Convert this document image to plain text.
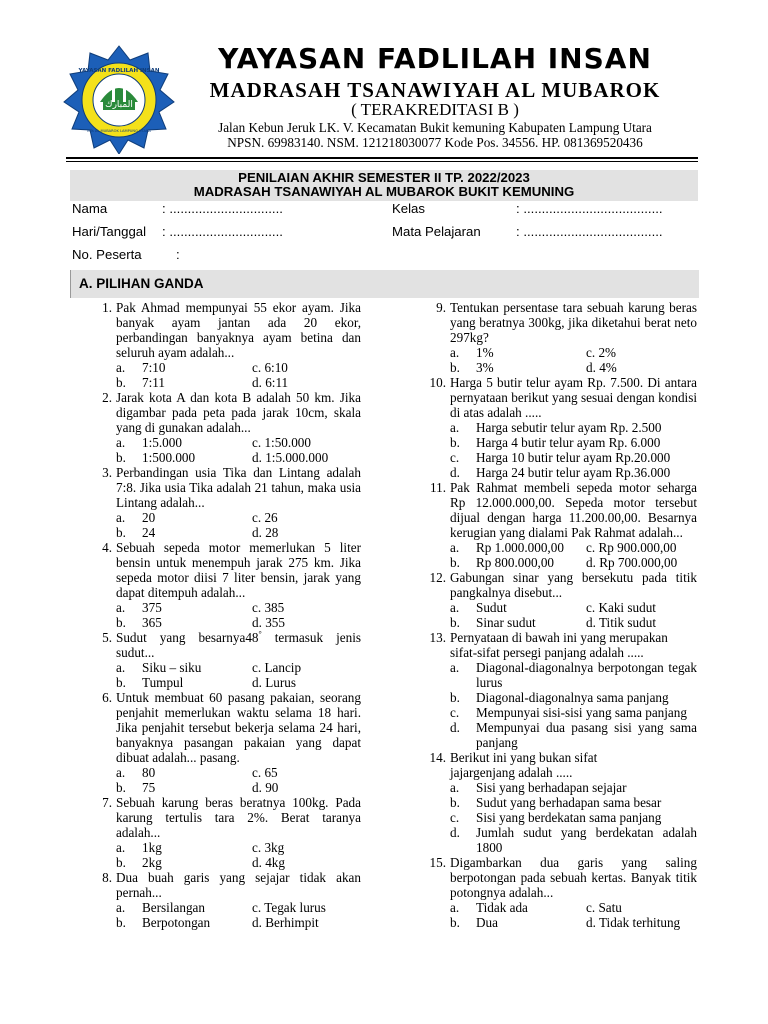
المبارك
YAYASAN FADLILAH INSAN
MTs AL MUBAROK LAMPUNG UTARA
YAYASAN FADLILAH INSAN
MADRASAH TSANAWIYAH AL MUBAROK
( TERAKREDITASI B )
Jalan Kebun Jeruk LK. V. Kecamatan Bukit kemuning Kabupaten Lampung Utara
NPSN. 69983140. NSM. 121218030077 Kode Pos. 34556. HP. 081369520436
PENILAIAN AKHIR SEMESTER II TP. 2022/2023
MADRASAH TSANAWIYAH AL MUBAROK BUKIT KEMUNING
Nama	: ...............................	Kelas	: ......................................
Hari/Tanggal : ...............................	Mata Pelajaran	: ......................................
No. Peserta	:
A. PILIHAN GANDA
1. Pak Ahmad mempunyai 55 ekor ayam. Jika banyak ayam jantan ada 20 ekor, perbandingan banyaknya ayam betina dan seluruh ayam adalah...
a.	7:10	c. 6:10
b.	7:11	d. 6:11
2. Jarak kota A dan kota B adalah 50 km. Jika digambar pada peta pada jarak 10cm, skala yang di gunakan adalah...
a.	1:5.000	c. 1:50.000
b.	1:500.000	d. 1:5.000.000
3. Perbandingan usia Tika dan Lintang adalah 7:8. Jika usia Tika adalah 21 tahun, maka usia Lintang adalah...
a.	20	c. 26
b.	24	d. 28
4. Sebuah sepeda motor memerlukan 5 liter bensin untuk menempuh jarak 275 km. Jika sepeda motor diisi 7 liter bensin, jarak yang dapat ditempuh adalah...
a.	375	c. 385
b.	365	d. 355
5. Sudut yang besarnya48° termasuk jenis sudut...
a.	Siku – siku	c. Lancip
b.	Tumpul	d. Lurus
6. Untuk membuat 60 pasang pakaian, seorang penjahit memerlukan waktu selama 18 hari. Jika penjahit tersebut bekerja selama 24 hari, banyaknya pasangan pakaian yang dapat dibuat adalah... pasang.
a.	80	c. 65
b.	75	d. 90
7. Sebuah karung beras beratnya 100kg. Pada karung tertulis tara 2%. Berat taranya adalah...
a.	1kg	c. 3kg
b.	2kg	d. 4kg
8. Dua buah garis yang sejajar tidak akan pernah...
a.	Bersilangan	c. Tegak lurus
b.	Berpotongan	d. Berhimpit
9. Tentukan persentase tara sebuah karung beras yang beratnya 300kg, jika diketahui berat neto 297kg?
a.	1%	c. 2%
b.	3%	d. 4%
10. Harga 5 butir telur ayam Rp. 7.500. Di antara pernyataan berikut yang sesuai dengan kondisi di atas adalah .....
a. Harga sebutir telur ayam Rp. 2.500
b. Harga 4 butir telur ayam Rp. 6.000
c. Harga 10 butir telur ayam Rp.20.000
d. Harga 24 butir telur ayam Rp.36.000
11. Pak Rahmat membeli sepeda motor seharga Rp 12.000.000,00. Sepeda motor tersebut dijual dengan harga 11.200.00,00. Besarnya kerugian yang dialami Pak Rahmat adalah...
a.	Rp 1.000.000,00 c. Rp 900.000,00
b.	Rp 800.000,00 d. Rp 700.000,00
12. Gabungan sinar yang bersekutu pada titik pangkalnya disebut...
a.	Sudut	c. Kaki sudut
b.	Sinar sudut	d. Titik sudut
13. Pernyataan di bawah ini yang merupakan sifat-sifat persegi panjang adalah .....
a. Diagonal-diagonalnya berpotongan tegak lurus
b. Diagonal-diagonalnya sama panjang
c. Mempunyai sisi-sisi yang sama panjang
d. Mempunyai dua pasang sisi yang sama panjang
14. Berikut ini yang bukan sifat jajargenjang adalah .....
a. Sisi yang berhadapan sejajar
b. Sudut yang berhadapan sama besar
c. Sisi yang berdekatan sama panjang
d. Jumlah sudut yang berdekatan adalah 1800
15. Digambarkan dua garis yang saling berpotongan pada sebuah kertas. Banyak titik potongnya adalah...
a.	Tidak ada	c. Satu
b.	Dua	d. Tidak terhitung
